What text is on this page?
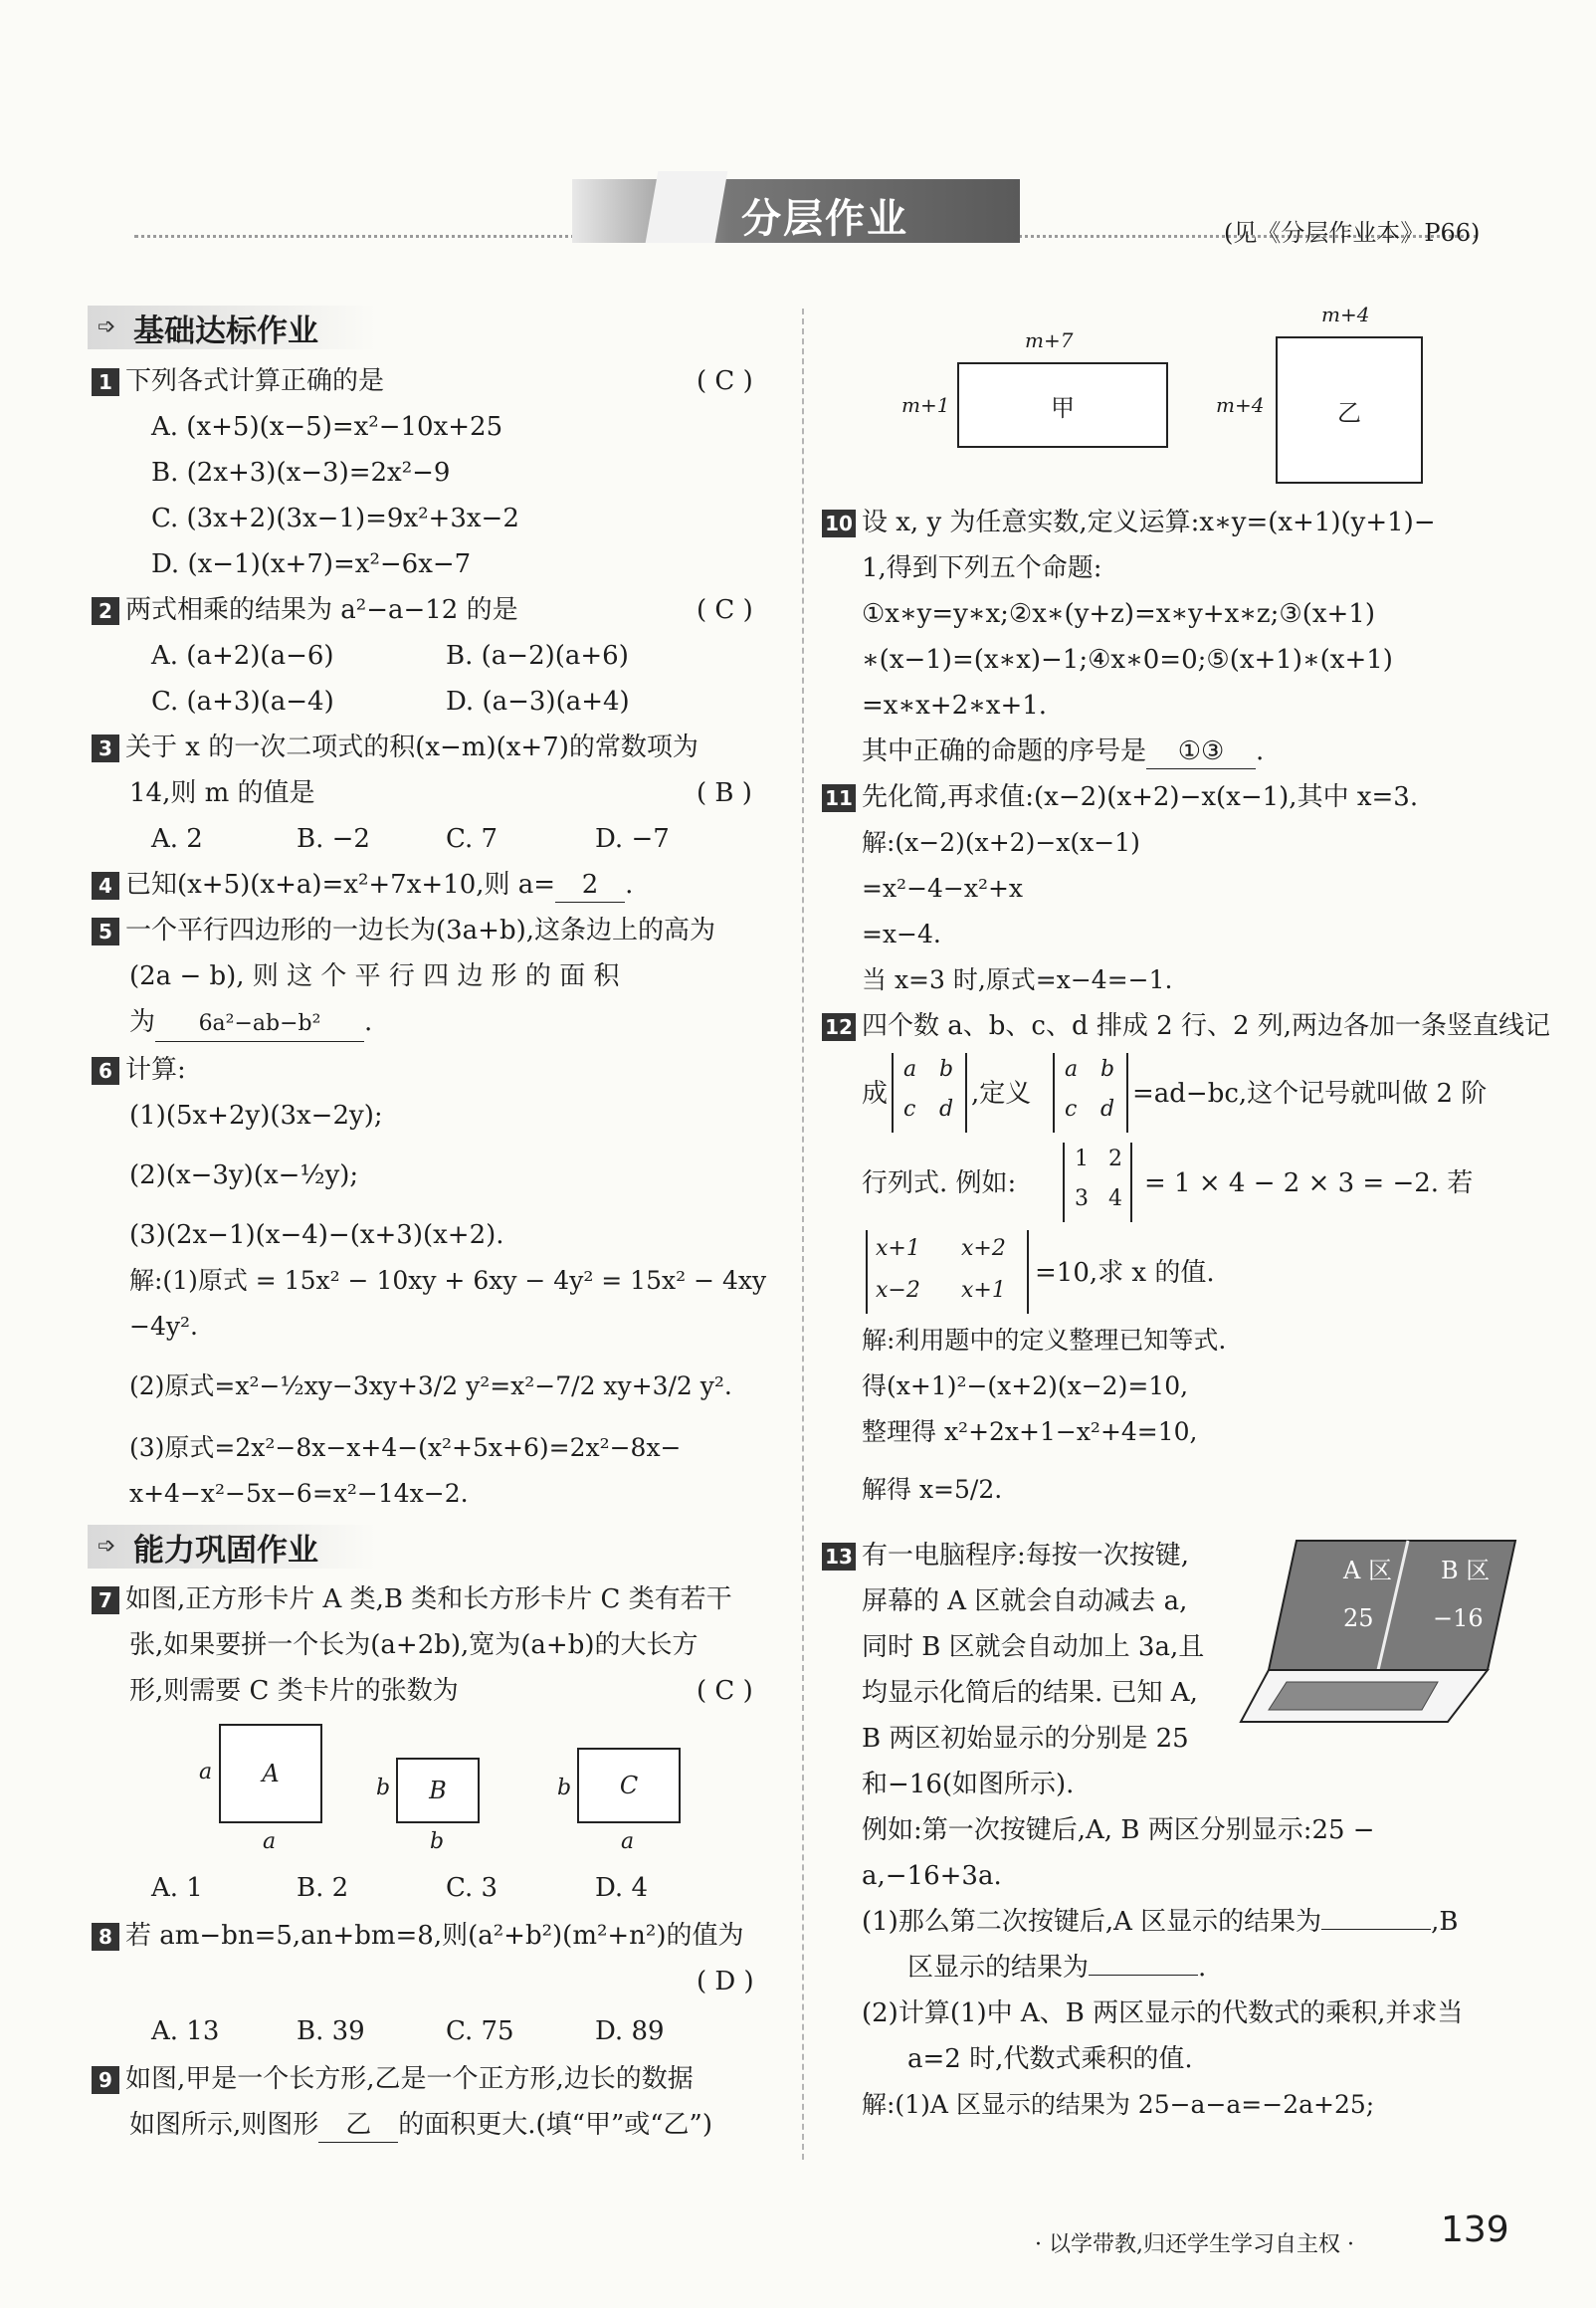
分层作业	(见《分层作业本》P66)
➩ 基础达标作业
1 下列各式计算正确的是	( C )
A. (x+5)(x−5)=x²−10x+25
B. (2x+3)(x−3)=2x²−9
C. (3x+2)(3x−1)=9x²+3x−2
D. (x−1)(x+7)=x²−6x−7
2 两式相乘的结果为 a²−a−12 的是	( C )
A. (a+2)(a−6)	B. (a−2)(a+6)
C. (a+3)(a−4)	D. (a−3)(a+4)
3 关于 x 的一次二项式的积(x−m)(x+7)的常数项为
14,则 m 的值是	( B )
A. 2	B. −2	C. 7	D. −7
4 已知(x+5)(x+a)=x²+7x+10,则 a= 2 .
5 一个平行四边形的一边长为(3a+b),这条边上的高为
(2a − b), 则 这 个 平 行 四 边 形 的 面 积
为 6a²−ab−b² .
6 计算:
(1)(5x+2y)(3x−2y);
(2)(x−3y)(x−½y);
(3)(2x−1)(x−4)−(x+3)(x+2).
解:(1)原式 = 15x² − 10xy + 6xy − 4y² = 15x² − 4xy
−4y².
(2)原式=x²−½xy−3xy+3/2 y²=x²−7/2 xy+3/2 y².
(3)原式=2x²−8x−x+4−(x²+5x+6)=2x²−8x−
x+4−x²−5x−6=x²−14x−2.
➩ 能力巩固作业
7 如图,正方形卡片 A 类,B 类和长方形卡片 C 类有若干
张,如果要拼一个长为(a+2b),宽为(a+b)的大长方
形,则需要 C 类卡片的张数为	( C )
A
a
a
B
b
b
C
b
a
A. 1	B. 2	C. 3	D. 4
8 若 am−bn=5,an+bm=8,则(a²+b²)(m²+n²)的值为
( D )
A. 13	B. 39	C. 75	D. 89
9 如图,甲是一个长方形,乙是一个正方形,边长的数据
如图所示,则图形 乙 的面积更大.(填“甲”或“乙”)
m+7
甲
m+1
m+4
乙
m+4
10 设 x, y 为任意实数,定义运算:x∗y=(x+1)(y+1)−
1,得到下列五个命题:
①x∗y=y∗x;②x∗(y+z)=x∗y+x∗z;③(x+1)
∗(x−1)=(x∗x)−1;④x∗0=0;⑤(x+1)∗(x+1)
=x∗x+2∗x+1.
其中正确的命题的序号是 ①③ .
11 先化简,再求值:(x−2)(x+2)−x(x−1),其中 x=3.
解:(x−2)(x+2)−x(x−1)
=x²−4−x²+x
=x−4.
当 x=3 时,原式=x−4=−1.
12 四个数 a、b、c、d 排成 2 行、2 列,两边各加一条竖直线记
成
a b
c d
,定义
a b
c d
=ad−bc,这个记号就叫做 2 阶
行列式. 例如:
1 2
3 4
= 1 × 4 − 2 × 3 = −2. 若
x+1 x+2
x−2 x+1
=10,求 x 的值.
解:利用题中的定义整理已知等式.
得(x+1)²−(x+2)(x−2)=10,
整理得 x²+2x+1−x²+4=10,
解得 x=5/2.
13 有一电脑程序:每按一次按键,
屏幕的 A 区就会自动减去 a,
同时 B 区就会自动加上 3a,且
均显示化简后的结果. 已知 A,
B 两区初始显示的分别是 25
和−16(如图所示).
A 区 B 区
25 −16
例如:第一次按键后,A, B 两区分别显示:25 −
a,−16+3a.
(1)那么第二次按键后,A 区显示的结果为	,B
区显示的结果为	.
(2)计算(1)中 A、B 两区显示的代数式的乘积,并求当
a=2 时,代数式乘积的值.
解:(1)A 区显示的结果为 25−a−a=−2a+25;
· 以学带教,归还学生学习自主权 · 139
